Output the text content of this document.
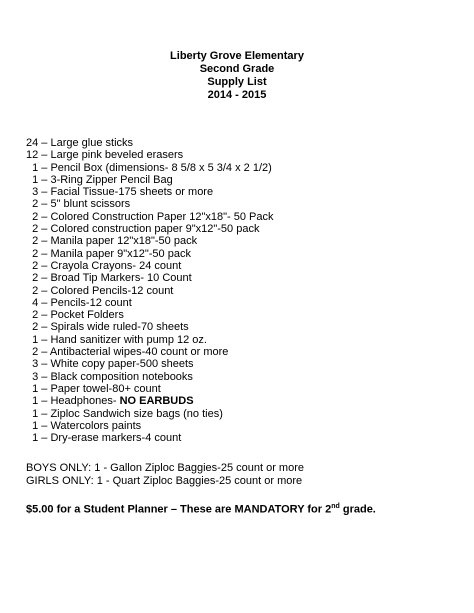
Liberty Grove Elementary
Second Grade
Supply List
2014 - 2015
24 – Large glue sticks
12 – Large pink beveled erasers
1 – Pencil Box (dimensions- 8 5/8 x 5 3/4 x 2 1/2)
1 – 3-Ring Zipper Pencil Bag
3 – Facial Tissue-175 sheets or more
2 – 5" blunt scissors
2 – Colored Construction Paper 12"x18"- 50 Pack
2 – Colored construction paper 9"x12"-50 pack
2 – Manila paper 12"x18"-50 pack
2 – Manila paper 9"x12"-50 pack
2 – Crayola Crayons- 24 count
2 – Broad Tip Markers- 10 Count
2 – Colored Pencils-12 count
4 – Pencils-12 count
2 – Pocket Folders
2 – Spirals wide ruled-70 sheets
1 – Hand sanitizer with pump 12 oz.
2 – Antibacterial wipes-40 count or more
3 – White copy paper-500 sheets
3 – Black composition notebooks
1 – Paper towel-80+ count
1 – Headphones- NO EARBUDS
1 – Ziploc Sandwich size bags (no ties)
1 – Watercolors paints
1 – Dry-erase markers-4 count
BOYS ONLY: 1 - Gallon Ziploc Baggies-25 count or more
GIRLS ONLY: 1 - Quart Ziploc Baggies-25 count or more
$5.00 for a Student Planner – These are MANDATORY for 2nd grade.
